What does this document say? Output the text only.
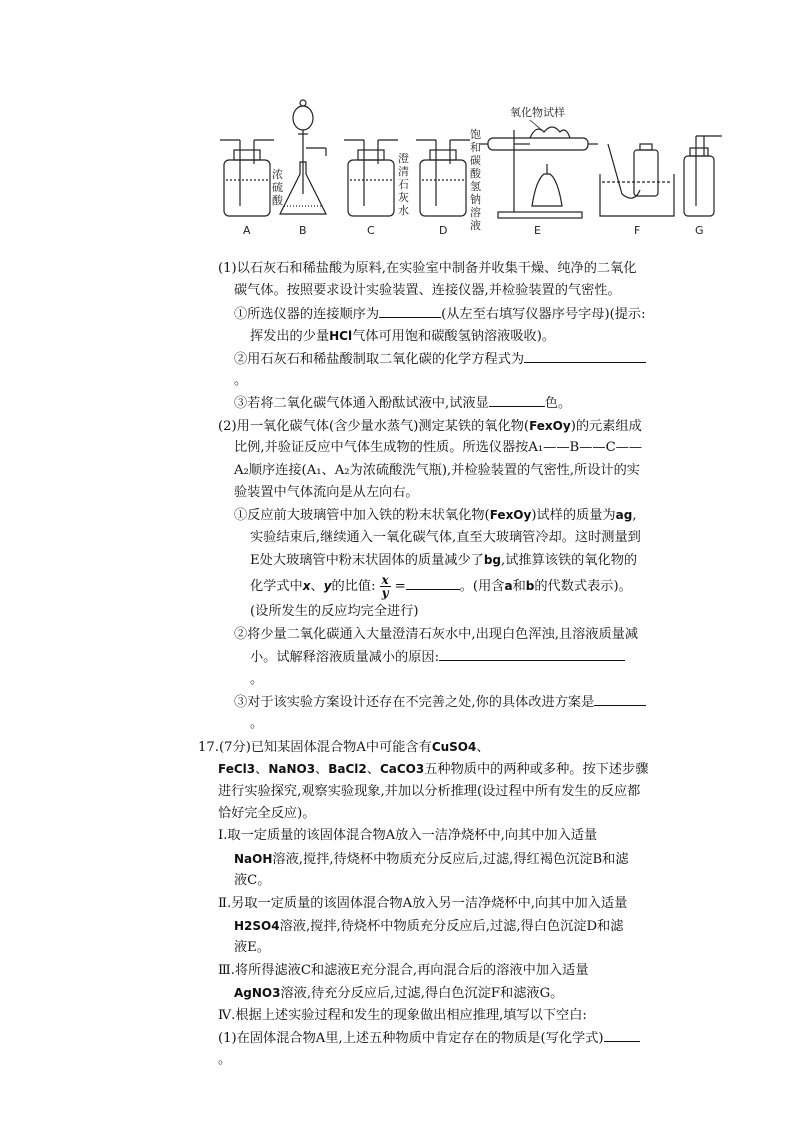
A	B	C	D	E	F	G
浓
硫
酸
澄
清
石
灰
水
饱
和
碳
酸
氢
钠
溶
液
氧化物试样
(1)以石灰石和稀盐酸为原料,在实验室中制备并收集干燥、纯净的二氧化
碳气体。按照要求设计实验装置、连接仪器,并检验装置的气密性。
①所选仪器的连接顺序为	(从左至右填写仪器序号字母)(提示:
挥发出的少量HCl气体可用饱和碳酸氢钠溶液吸收)。
②用石灰石和稀盐酸制取二氧化碳的化学方程式为
。
③若将二氧化碳气体通入酚酞试液中,试液显	色。
(2)用一氧化碳气体(含少量水蒸气)测定某铁的氧化物(FexOy)的元素组成
比例,并验证反应中气体生成物的性质。所选仪器按A₁——B——C——
A₂顺序连接(A₁、A₂为浓硫酸洗气瓶),并检验装置的气密性,所设计的实
验装置中气体流向是从左向右。
①反应前大玻璃管中加入铁的粉末状氧化物(FexOy)试样的质量为ag,
实验结束后,继续通入一氧化碳气体,直至大玻璃管冷却。这时测量到
E处大玻璃管中粉末状固体的质量减少了bg,试推算该铁的氧化物的
化学式中x、y的比值: $\frac{x}{y}$ =	。(用含a和b的代数式表示)。
(设所发生的反应均完全进行)
②将少量二氧化碳通入大量澄清石灰水中,出现白色浑浊,且溶液质量减
小。试解释溶液质量减小的原因:
。
③对于该实验方案设计还存在不完善之处,你的具体改进方案是
。
17.(7分)已知某固体混合物A中可能含有CuSO4、
FeCl3、NaNO3、BaCl2、CaCO3五种物质中的两种或多种。按下述步骤
进行实验探究,观察实验现象,并加以分析推理(设过程中所有发生的反应都
恰好完全反应)。
Ⅰ.取一定质量的该固体混合物A放入一洁净烧杯中,向其中加入适量
NaOH溶液,搅拌,待烧杯中物质充分反应后,过滤,得红褐色沉淀B和滤
液C。
Ⅱ.另取一定质量的该固体混合物A放入另一洁净烧杯中,向其中加入适量
H2SO4溶液,搅拌,待烧杯中物质充分反应后,过滤,得白色沉淀D和滤
液E。
Ⅲ.将所得滤液C和滤液E充分混合,再向混合后的溶液中加入适量
AgNO3溶液,待充分反应后,过滤,得白色沉淀F和滤液G。
Ⅳ.根据上述实验过程和发生的现象做出相应推理,填写以下空白:
(1)在固体混合物A里,上述五种物质中肯定存在的物质是(写化学式)
。
